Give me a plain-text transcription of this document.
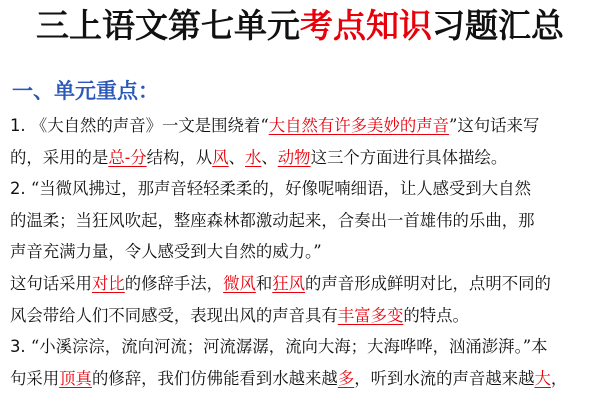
三上语文第七单元考点知识习题汇总
一、单元重点：
1. 《大自然的声音》一文是围绕着“大自然有许多美妙的声音”这句话来写
的，采用的是总-分结构，从风、水、动物这三个方面进行具体描绘。
2. “当微风拂过，那声音轻轻柔柔的，好像呢喃细语，让人感受到大自然
的温柔；当狂风吹起，整座森林都激动起来，合奏出一首雄伟的乐曲，那
声音充满力量，令人感受到大自然的威力。”
这句话采用对比的修辞手法，微风和狂风的声音形成鲜明对比，点明不同的
风会带给人们不同感受，表现出风的声音具有丰富多变的特点。
3. “小溪淙淙，流向河流；河流潺潺，流向大海；大海哗哗，汹涌澎湃。”本
句采用顶真的修辞，我们仿佛能看到水越来越多，听到水流的声音越来越大，
